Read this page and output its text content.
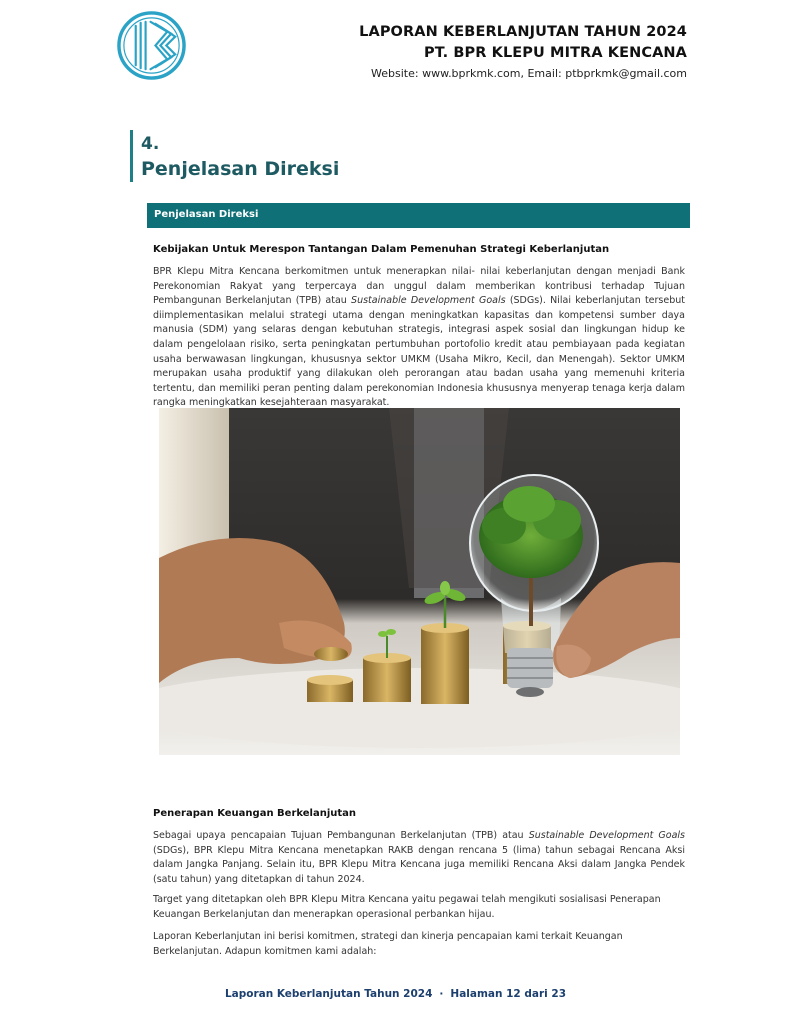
LAPORAN KEBERLANJUTAN TAHUN 2024
PT. BPR KLEPU MITRA KENCANA
Website: www.bprkmk.com, Email: ptbprkmk@gmail.com
4.
Penjelasan Direksi
Penjelasan Direksi
Kebijakan Untuk Merespon Tantangan Dalam Pemenuhan Strategi Keberlanjutan
BPR Klepu Mitra Kencana berkomitmen untuk menerapkan nilai- nilai keberlanjutan dengan menjadi Bank Perekonomian Rakyat yang terpercaya dan unggul dalam memberikan kontribusi terhadap Tujuan Pembangunan Berkelanjutan (TPB) atau Sustainable Development Goals (SDGs). Nilai keberlanjutan tersebut diimplementasikan melalui strategi utama dengan meningkatkan kapasitas dan kompetensi sumber daya manusia (SDM) yang selaras dengan kebutuhan strategis, integrasi aspek sosial dan lingkungan hidup ke dalam pengelolaan risiko, serta peningkatan pertumbuhan portofolio kredit atau pembiayaan pada kegiatan usaha berwawasan lingkungan, khususnya sektor UMKM (Usaha Mikro, Kecil, dan Menengah). Sektor UMKM merupakan usaha produktif yang dilakukan oleh perorangan atau badan usaha yang memenuhi kriteria tertentu, dan memiliki peran penting dalam perekonomian Indonesia khususnya menyerap tenaga kerja dalam rangka meningkatkan kesejahteraan masyarakat.
Penerapan Keuangan Berkelanjutan
Sebagai upaya pencapaian Tujuan Pembangunan Berkelanjutan (TPB) atau Sustainable Development Goals (SDGs), BPR Klepu Mitra Kencana menetapkan RAKB dengan rencana 5 (lima) tahun sebagai Rencana Aksi dalam Jangka Panjang. Selain itu, BPR Klepu Mitra Kencana juga memiliki Rencana Aksi dalam Jangka Pendek (satu tahun) yang ditetapkan di tahun 2024.
Target yang ditetapkan oleh BPR Klepu Mitra Kencana yaitu pegawai telah mengikuti sosialisasi Penerapan Keuangan Berkelanjutan dan menerapkan operasional perbankan hijau.
Laporan Keberlanjutan ini berisi komitmen, strategi dan kinerja pencapaian kami terkait Keuangan Berkelanjutan. Adapun komitmen kami adalah:
Laporan Keberlanjutan Tahun 2024 · Halaman 12 dari 23
